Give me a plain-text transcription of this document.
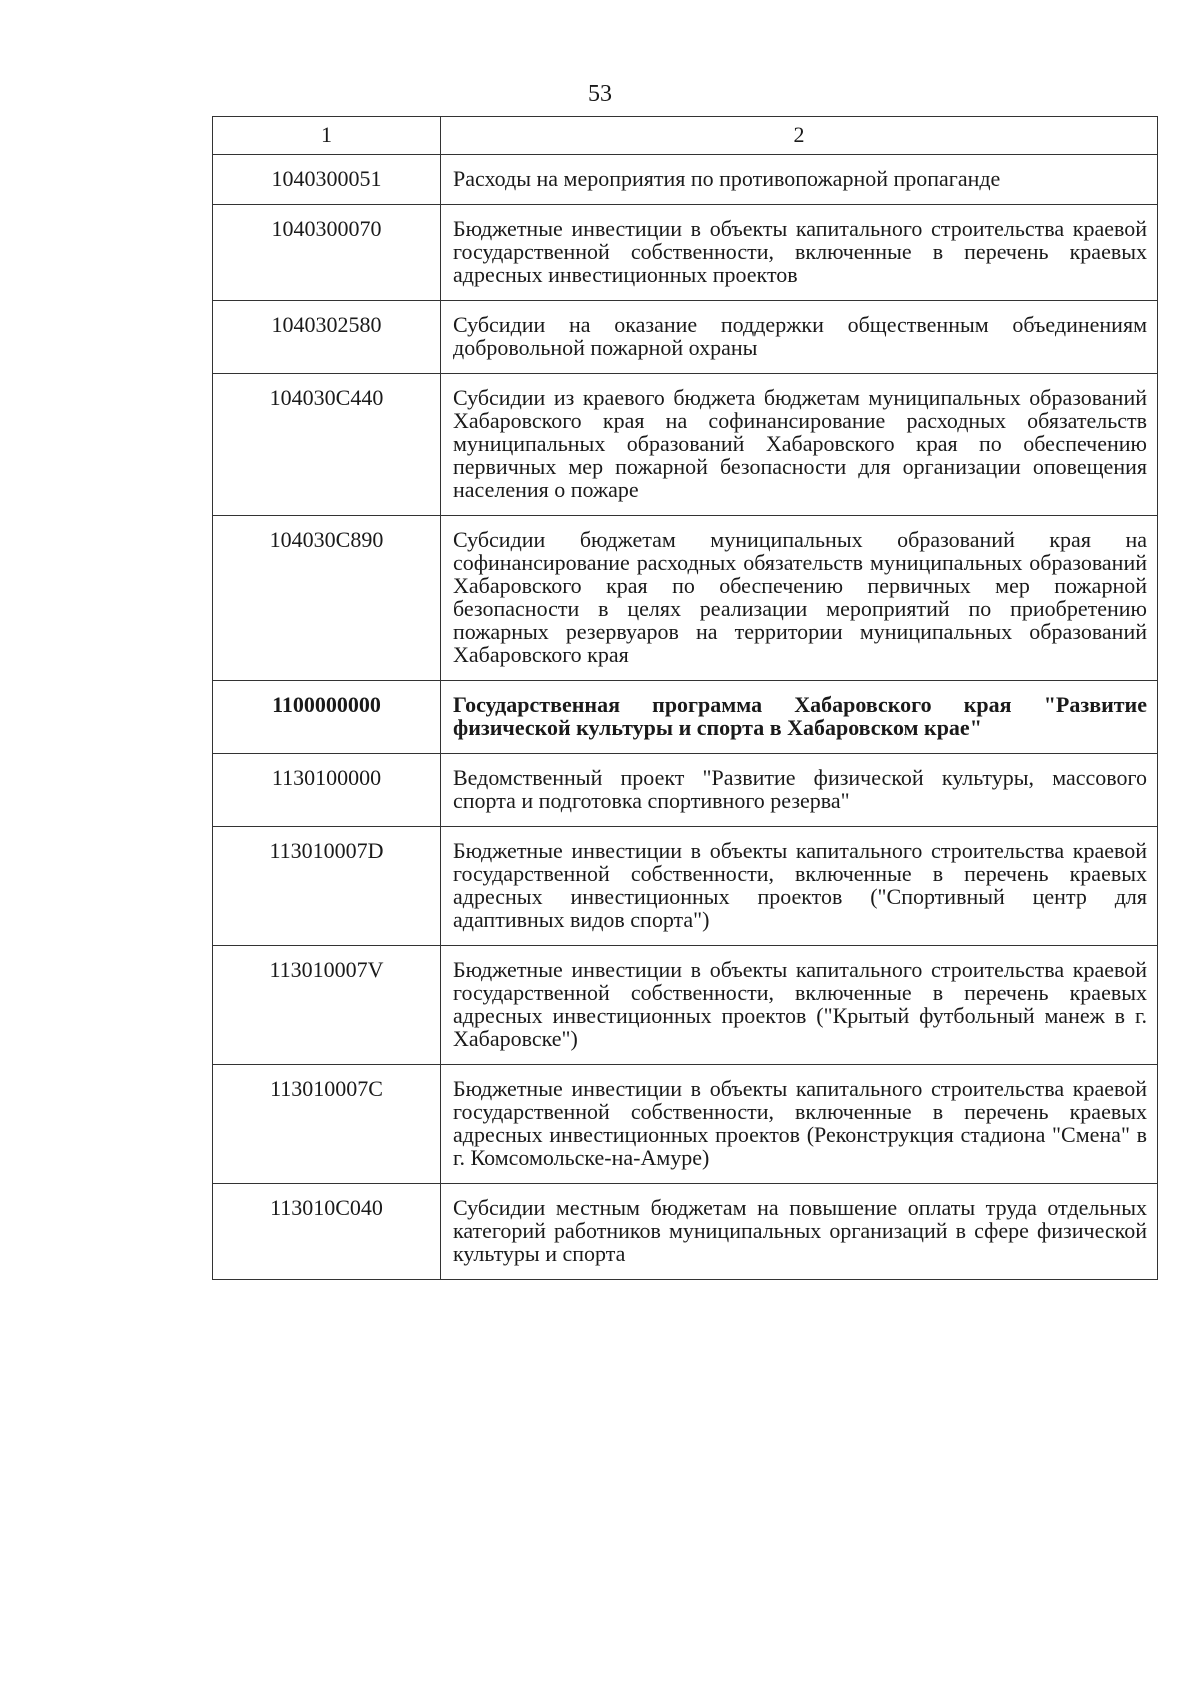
53
1	2
1040300051	Расходы на мероприятия по противопожарной пропаганде
1040300070	Бюджетные инвестиции в объекты капитального строительства краевой государственной собственности, включенные в перечень краевых адресных инвестиционных проектов
1040302580	Субсидии на оказание поддержки общественным объединениям добровольной пожарной охраны
104030С440	Субсидии из краевого бюджета бюджетам муниципальных образований Хабаровского края на софинансирование расходных обязательств муниципальных образований Хабаровского края по обеспечению первичных мер пожарной безопасности для организации оповещения населения о пожаре
104030С890	Субсидии бюджетам муниципальных образований края на софинансирование расходных обязательств муниципальных образований Хабаровского края по обеспечению первичных мер пожарной безопасности в целях реализации мероприятий по приобретению пожарных резервуаров на территории муниципальных образований Хабаровского края
1100000000	Государственная программа Хабаровского края "Развитие физической культуры и спорта в Хабаровском крае"
1130100000	Ведомственный проект "Развитие физической культуры, массового спорта и подготовка спортивного резерва"
113010007D	Бюджетные инвестиции в объекты капитального строительства краевой государственной собственности, включенные в перечень краевых адресных инвестиционных проектов ("Спортивный центр для адаптивных видов спорта")
113010007V	Бюджетные инвестиции в объекты капитального строительства краевой государственной собственности, включенные в перечень краевых адресных инвестиционных проектов ("Крытый футбольный манеж в г. Хабаровске")
113010007С	Бюджетные инвестиции в объекты капитального строительства краевой государственной собственности, включенные в перечень краевых адресных инвестиционных проектов (Реконструкция стадиона "Смена" в г. Комсомольске-на-Амуре)
113010С040	Субсидии местным бюджетам на повышение оплаты труда отдельных категорий работников муниципальных организаций в сфере физической культуры и спорта
